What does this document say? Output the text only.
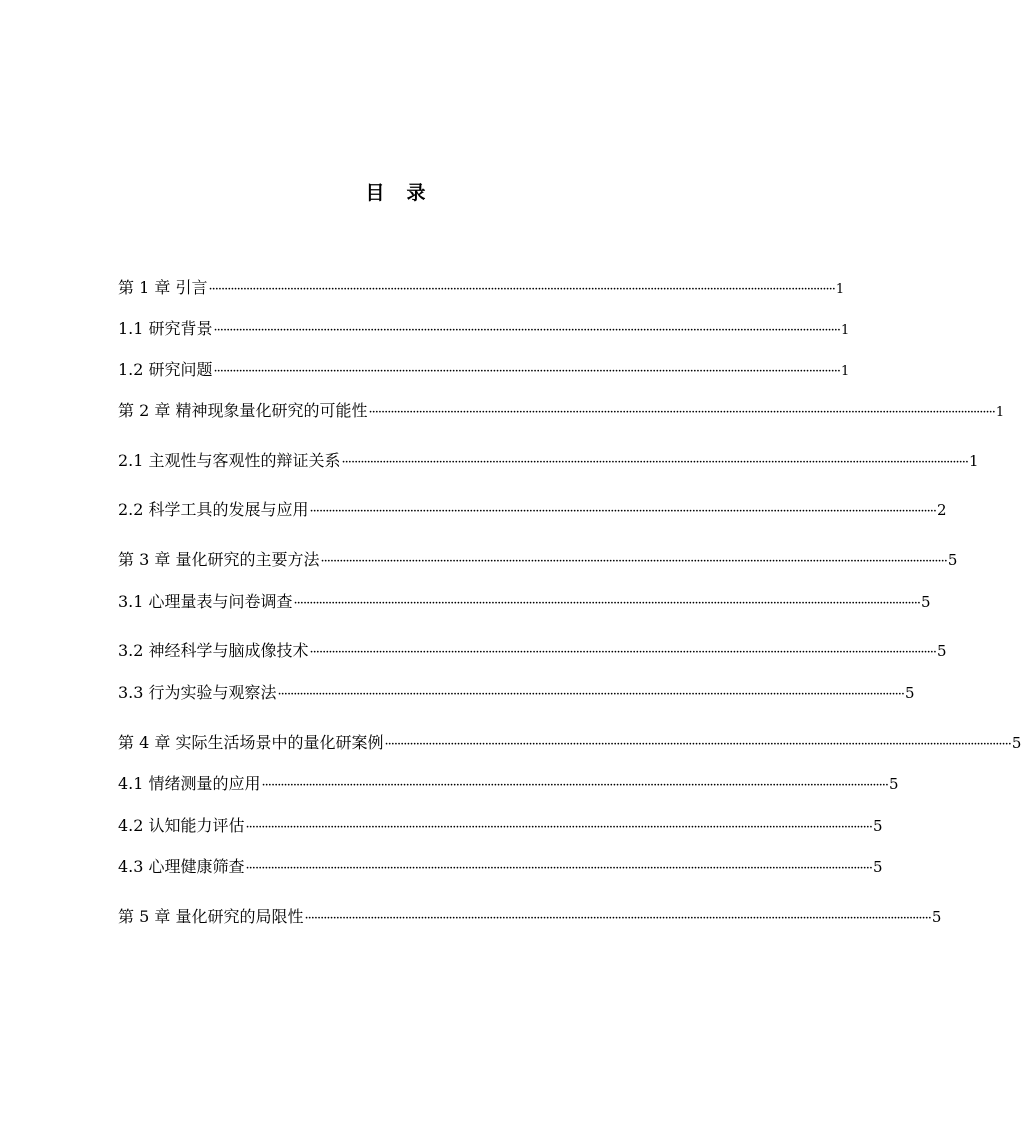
目 录
第 1 章 引言 ········································································································································································································ 1
1.1 研究背景 ········································································································································································································ 1
1.2 研究问题 ········································································································································································································ 1
第 2 章 精神现象量化研究的可能性 ········································································································································································································ 1
2.1 主观性与客观性的辩证关系 ········································································································································································································ 1
2.2 科学工具的发展与应用 ········································································································································································································ 2
第 3 章 量化研究的主要方法 ········································································································································································································ 5
3.1 心理量表与问卷调查 ········································································································································································································ 5
3.2 神经科学与脑成像技术 ········································································································································································································ 5
3.3 行为实验与观察法 ········································································································································································································ 5
第 4 章 实际生活场景中的量化研案例 ········································································································································································································ 5
4.1 情绪测量的应用 ········································································································································································································ 5
4.2 认知能力评估 ········································································································································································································ 5
4.3 心理健康筛查 ········································································································································································································ 5
第 5 章 量化研究的局限性 ········································································································································································································ 5
